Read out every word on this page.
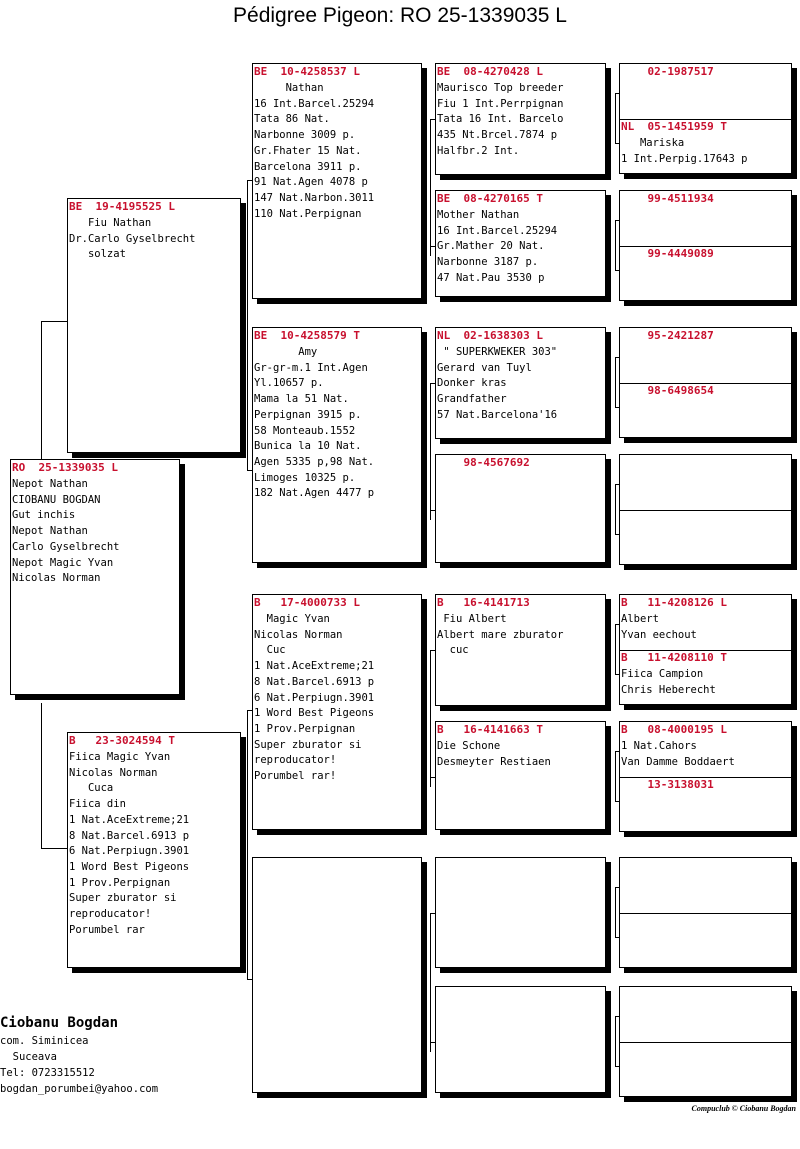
Pédigree Pigeon: RO 25-1339035 L
RO  25-1339035 L
Nepot Nathan
CIOBANU BOGDAN
Gut inchis
Nepot Nathan
Carlo Gyselbrecht
Nepot Magic Yvan
Nicolas Norman
BE  19-4195525 L
Fiu Nathan
Dr.Carlo Gyselbrecht
solzat
B   23-3024594 T
Fiica Magic Yvan
Nicolas Norman
Cuca
Fiica din
1 Nat.AceExtreme;21
8 Nat.Barcel.6913 p
6 Nat.Perpiugn.3901
1 Word Best Pigeons
1 Prov.Perpignan
Super zburator si
reproducator!
Porumbel rar
BE  10-4258537 L
Nathan
16 Int.Barcel.25294
Tata 86 Nat.
Narbonne 3009 p.
Gr.Fhater 15 Nat.
Barcelona 3911 p.
91 Nat.Agen 4078 p
147 Nat.Narbon.3011
110 Nat.Perpignan
BE  10-4258579 T
Amy
Gr-gr-m.1 Int.Agen
Yl.10657 p.
Mama la 51 Nat.
Perpignan 3915 p.
58 Monteaub.1552
Bunica la 10 Nat.
Agen 5335 p,98 Nat.
Limoges 10325 p.
182 Nat.Agen 4477 p
B   17-4000733 L
Magic Yvan
Nicolas Norman
Cuc
1 Nat.AceExtreme;21
8 Nat.Barcel.6913 p
6 Nat.Perpiugn.3901
1 Word Best Pigeons
1 Prov.Perpignan
Super zburator si
reproducator!
Porumbel rar!
BE  08-4270428 L
Maurisco Top breeder
Fiu 1 Int.Perrpignan
Tata 16 Int. Barcelo
435 Nt.Brcel.7874 p
Halfbr.2 Int.
BE  08-4270165 T
Mother Nathan
16 Int.Barcel.25294
Gr.Mather 20 Nat.
Narbonne 3187 p.
47 Nat.Pau 3530 p
NL  02-1638303 L
" SUPERKWEKER 303"
Gerard van Tuyl
Donker kras
Grandfather
57 Nat.Barcelona'16
98-4567692
B   16-4141713
Fiu Albert
Albert mare zburator
cuc
B   16-4141663 T
Die Schone
Desmeyter Restiaen
02-1987517
NL  05-1451959 T
Mariska
1 Int.Perpig.17643 p
99-4511934
99-4449089
95-2421287
98-6498654
B   11-4208126 L
Albert
Yvan eechout
B   11-4208110 T
Fiica Campion
Chris Heberecht
B   08-4000195 L
1 Nat.Cahors
Van Damme Boddaert
13-3138031
Ciobanu Bogdan
com. Siminicea
Suceava
Tel: 0723315512
bogdan_porumbei@yahoo.com
Compuclub © Ciobanu Bogdan
